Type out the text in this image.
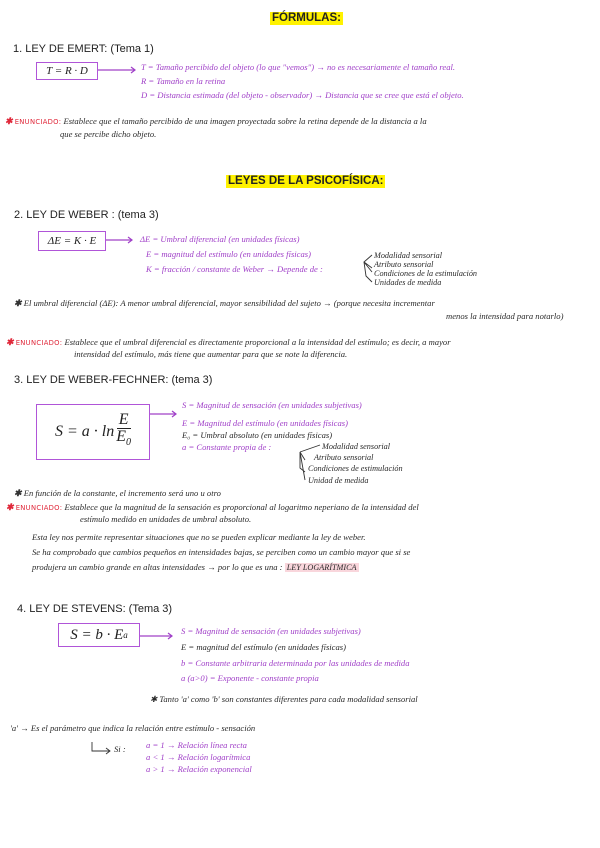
FÓRMULAS:
1. LEY DE EMERT: (Tema 1)
T = R · D	T = Tamaño percibido del objeto (lo que "vemos") → no es necesariamente el tamaño real.
R = Tamaño en la retina
D = Distancia estimada (del objeto - observador) → Distancia que se cree que está el objeto.
✱ ENUNCIADO: Establece que el tamaño percibido de una imagen proyectada sobre la retina depende de la distancia a la
que se percibe dicho objeto.
LEYES DE LA PSICOFÍSICA:
2. LEY DE WEBER : (tema 3)
ΔE = K · E	ΔE = Umbral diferencial (en unidades físicas)
E = magnitud del estímulo (en unidades físicas)
K = fracción / constante de Weber → Depende de :
Modalidad sensorial
Atributo sensorial
Condiciones de la estimulación
Unidades de medida
✱ El umbral diferencial (ΔE): A menor umbral diferencial, mayor sensibilidad del sujeto → (porque necesita incrementar
menos la intensidad para notarlo)
✱ ENUNCIADO: Establece que el umbral diferencial es directamente proporcional a la intensidad del estímulo; es decir, a mayor
intensidad del estímulo, más tiene que aumentar para que se note la diferencia.
3. LEY DE WEBER-FECHNER: (tema 3)
$S = a \cdot \ln \frac{E}{E_0}$
S = Magnitud de sensación (en unidades subjetivas)
E = Magnitud del estímulo (en unidades físicas)
E₀ = Umbral absoluto (en unidades físicas)
a = Constante propia de :	Modalidad sensorial
Atributo sensorial
Condiciones de estimulación
Unidad de medida
✱ En función de la constante, el incremento será uno u otro
✱ ENUNCIADO: Establece que la magnitud de la sensación es proporcional al logaritmo neperiano de la intensidad del
estímulo medido en unidades de umbral absoluto.
Esta ley nos permite representar situaciones que no se pueden explicar mediante la ley de weber.
Se ha comprobado que cambios pequeños en intensidades bajas, se perciben como un cambio mayor que si se
produjera un cambio grande en altas intensidades → por lo que es una : LEY LOGARÍTMICA
4. LEY DE STEVENS: (Tema 3)
S = b · E a	S = Magnitud de sensación (en unidades subjetivas)
E = magnitud del estímulo (en unidades físicas)
b = Constante arbitraria determinada por las unidades de medida
a (a>0) = Exponente - constante propia
✱ Tanto 'a' como 'b' son constantes diferentes para cada modalidad sensorial
'a' → Es el parámetro que indica la relación entre estímulo - sensación
Si : a = 1 → Relación línea recta
a < 1 → Relación logarítmica
a > 1 → Relación exponencial
